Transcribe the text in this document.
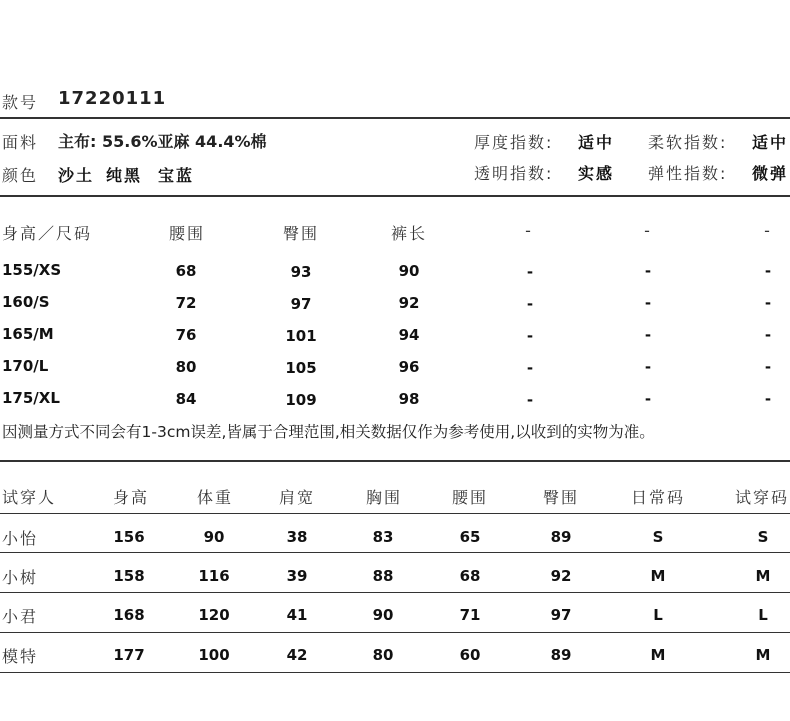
款号 17220111
面料 主布: 55.6%亚麻 44.4%棉
颜色 沙土 纯黑 宝蓝
厚度指数: 适中 柔软指数: 适中
透明指数: 实感 弹性指数: 微弹
身高／尺码	腰围	臀围	裤长	-	-	-
155/XS	68	93	90	-	-	-
160/S	72	97	92	-	-	-
165/M	76	101	94	-	-	-
170/L	80	105	96	-	-	-
175/XL	84	109	98	-	-	-
因测量方式不同会有1-3cm误差,皆属于合理范围,相关数据仅作为参考使用,以收到的实物为准。
试穿人	身高	体重	肩宽	胸围	腰围	臀围	日常码	试穿码
小怡	156	90	38	83	65	89	S	S
小树	158	116	39	88	68	92	M	M
小君	168	120	41	90	71	97	L	L
模特	177	100	42	80	60	89	M	M
